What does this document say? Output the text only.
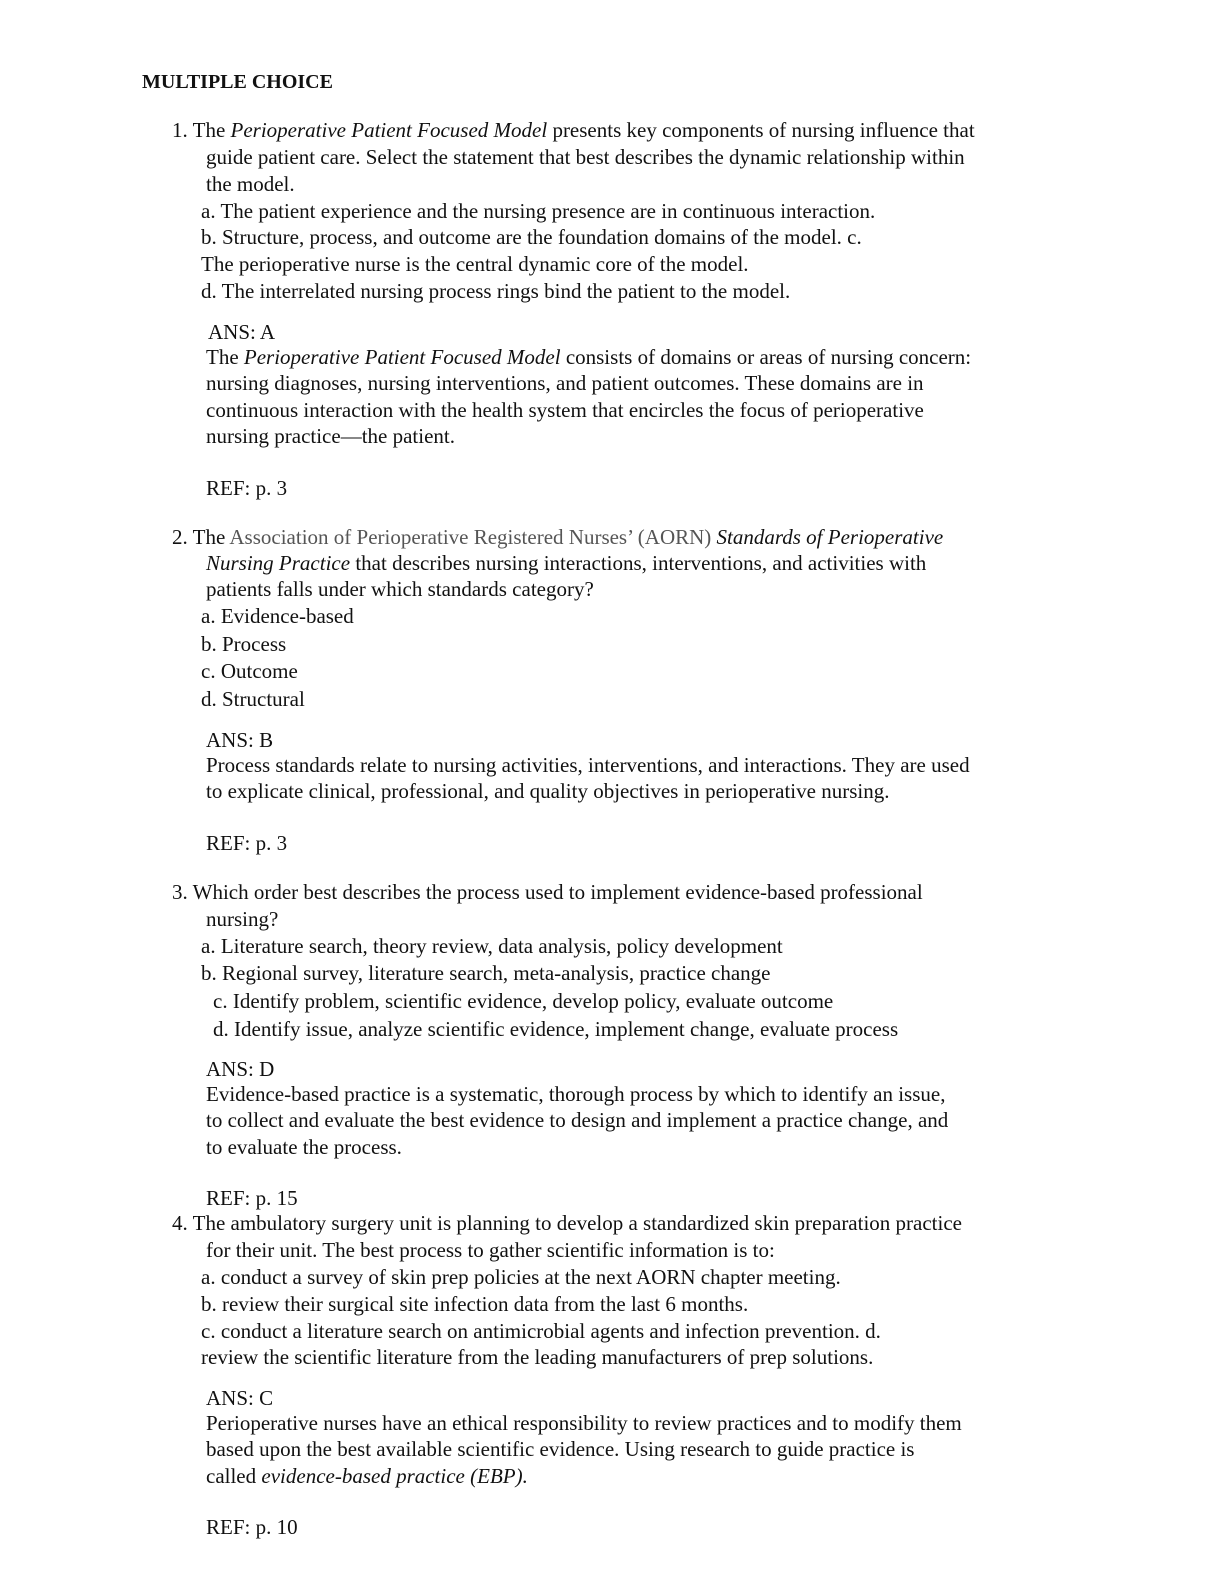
MULTIPLE CHOICE
1. The Perioperative Patient Focused Model presents key components of nursing influence that
guide patient care. Select the statement that best describes the dynamic relationship within
the model.
a. The patient experience and the nursing presence are in continuous interaction.
b. Structure, process, and outcome are the foundation domains of the model. c.
The perioperative nurse is the central dynamic core of the model.
d. The interrelated nursing process rings bind the patient to the model.
ANS: A
The Perioperative Patient Focused Model consists of domains or areas of nursing concern:
nursing diagnoses, nursing interventions, and patient outcomes. These domains are in
continuous interaction with the health system that encircles the focus of perioperative
nursing practice—the patient.
REF: p. 3
2. The Association of Perioperative Registered Nurses’ (AORN) Standards of Perioperative
Nursing Practice that describes nursing interactions, interventions, and activities with
patients falls under which standards category?
a. Evidence-based
b. Process
c. Outcome
d. Structural
ANS: B
Process standards relate to nursing activities, interventions, and interactions. They are used
to explicate clinical, professional, and quality objectives in perioperative nursing.
REF: p. 3
3. Which order best describes the process used to implement evidence-based professional
nursing?
a. Literature search, theory review, data analysis, policy development
b. Regional survey, literature search, meta-analysis, practice change
c. Identify problem, scientific evidence, develop policy, evaluate outcome
d. Identify issue, analyze scientific evidence, implement change, evaluate process
ANS: D
Evidence-based practice is a systematic, thorough process by which to identify an issue,
to collect and evaluate the best evidence to design and implement a practice change, and
to evaluate the process.
REF: p. 15
4. The ambulatory surgery unit is planning to develop a standardized skin preparation practice
for their unit. The best process to gather scientific information is to:
a. conduct a survey of skin prep policies at the next AORN chapter meeting.
b. review their surgical site infection data from the last 6 months.
c. conduct a literature search on antimicrobial agents and infection prevention. d.
review the scientific literature from the leading manufacturers of prep solutions.
ANS: C
Perioperative nurses have an ethical responsibility to review practices and to modify them
based upon the best available scientific evidence. Using research to guide practice is
called evidence-based practice (EBP).
REF: p. 10
